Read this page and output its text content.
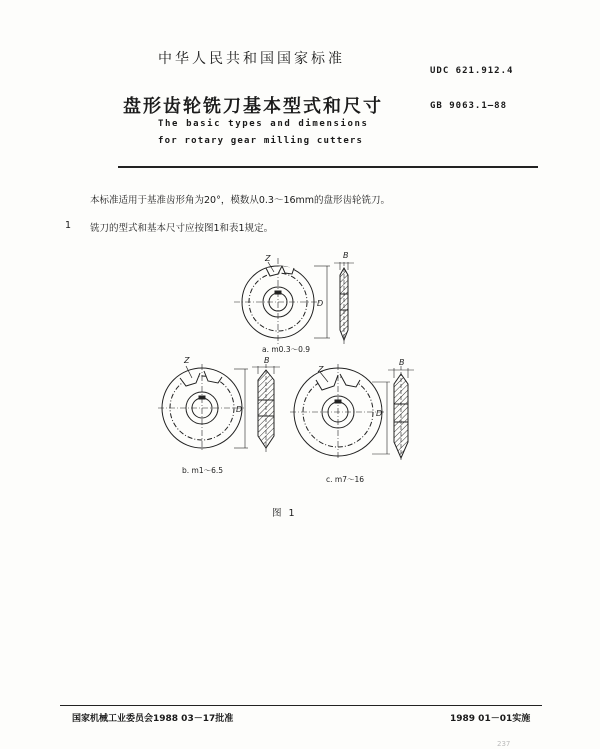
中华人民共和国国家标准
UDC 621.912.4
盘形齿轮铣刀基本型式和尺寸	GB 9063.1—88
The basic types and dimensions
for rotary gear milling cutters
本标准适用于基准齿形角为20°，模数从0.3～16mm的盘形齿轮铣刀。
1 铣刀的型式和基本尺寸应按图1和表1规定。
Z
D
B
a. m0.3～0.9
Z
D
B
b. m1～6.5
Z
D
B
c. m7～16
图 1
国家机械工业委员会1988 03－17批准	1989 01－01实施
237
